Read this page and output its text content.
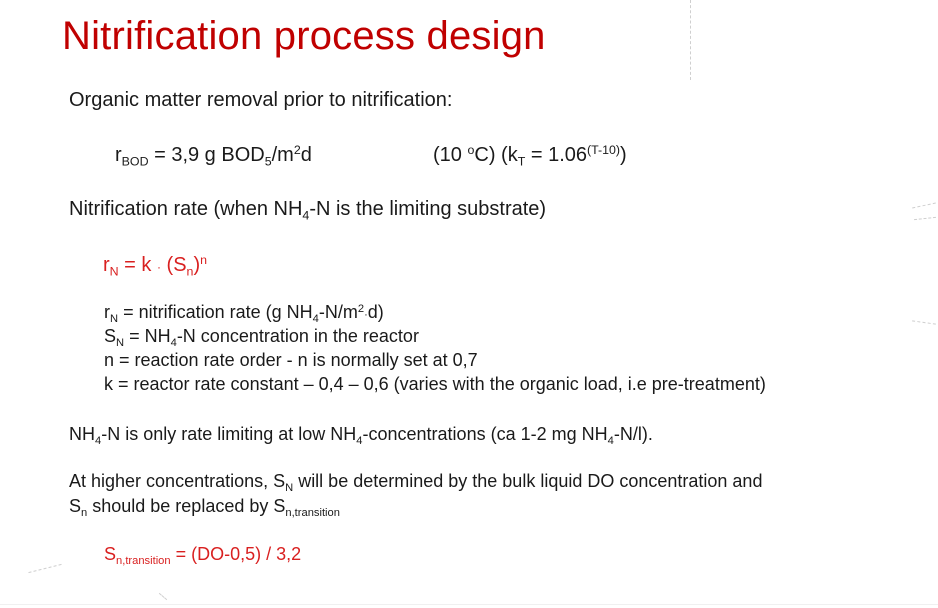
Nitrification process design
Organic matter removal prior to nitrification:
$r_{BOD} = 3,9$ g $BOD_5/m^2d$	(10 $^o$C) $(k_T = 1.06^{(T-10)})$
Nitrification rate (when $NH_4-N$ is the limiting substrate)
$r_N = k \cdot (S_n)^n$
$r_N$ = nitrification rate (g $NH_4-N/m^2\cdot d$)
$S_N = NH_4-N$ concentration in the reactor
n = reaction rate order - n is normally set at 0,7
k = reactor rate constant – 0,4 – 0,6 (varies with the organic load, i.e pre-treatment)
$NH_4-N$ is only rate limiting at low $NH_4$-concentrations (ca 1-2 mg $NH_4-N/l$).
At higher concentrations, $S_N$ will be determined by the bulk liquid DO concentration and
$S_n$ should be replaced by $S_{n,transition}$
$S_{n,transition} = (DO-0,5) / 3,2$
